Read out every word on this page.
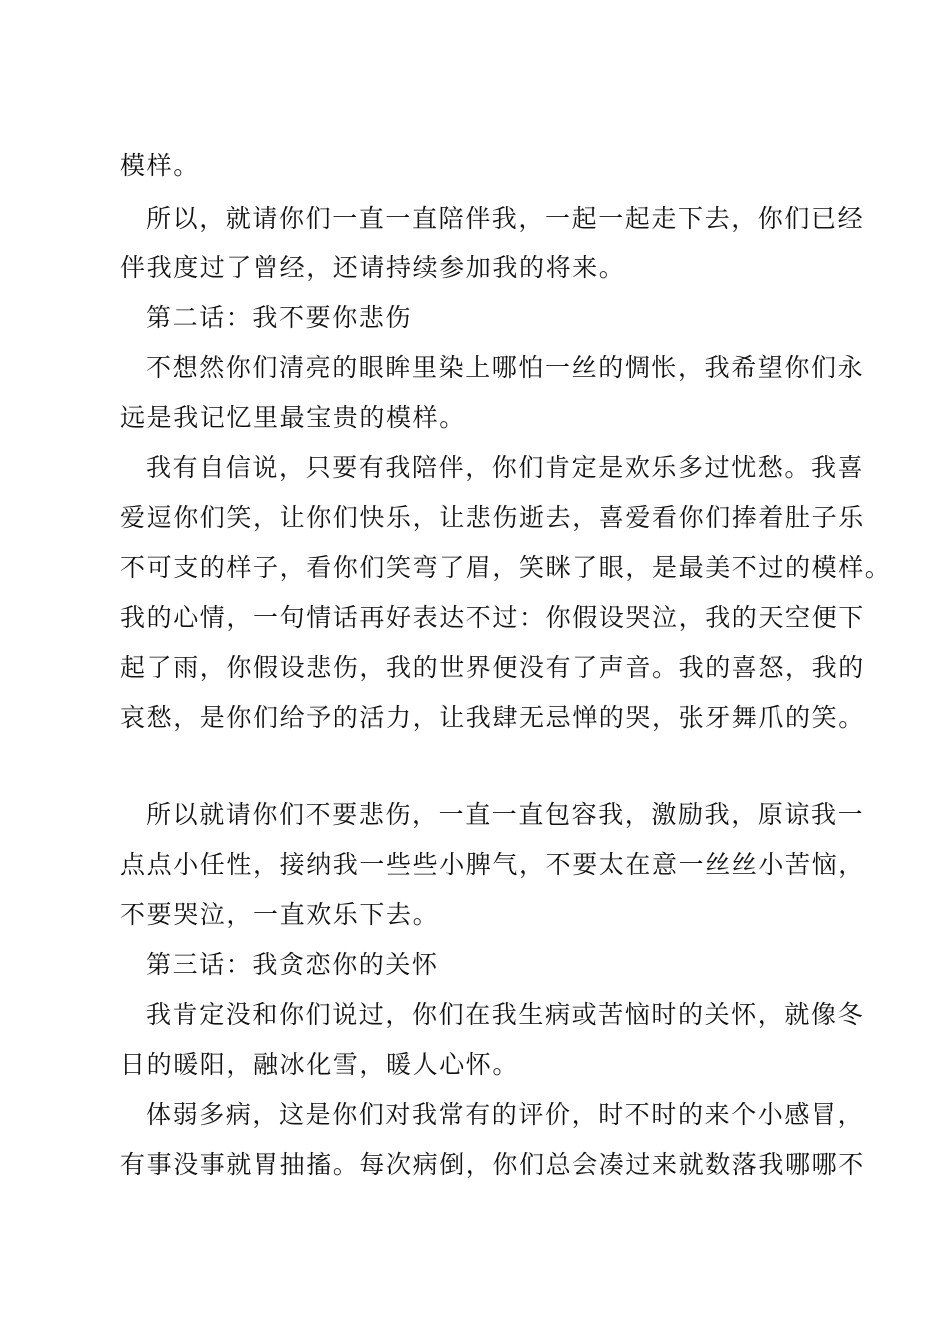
模样。
所以，就请你们一直一直陪伴我，一起一起走下去，你们已经
伴我度过了曾经，还请持续参加我的将来。
第二话：我不要你悲伤
不想然你们清亮的眼眸里染上哪怕一丝的惆怅，我希望你们永
远是我记忆里最宝贵的模样。
我有自信说，只要有我陪伴，你们肯定是欢乐多过忧愁。我喜
爱逗你们笑，让你们快乐，让悲伤逝去，喜爱看你们捧着肚子乐
不可支的样子，看你们笑弯了眉，笑眯了眼，是最美不过的模样。
我的心情，一句情话再好表达不过：你假设哭泣，我的天空便下
起了雨，你假设悲伤，我的世界便没有了声音。我的喜怒，我的
哀愁，是你们给予的活力，让我肆无忌惮的哭，张牙舞爪的笑。
所以就请你们不要悲伤，一直一直包容我，激励我，原谅我一
点点小任性，接纳我一些些小脾气，不要太在意一丝丝小苦恼，
不要哭泣，一直欢乐下去。
第三话：我贪恋你的关怀
我肯定没和你们说过，你们在我生病或苦恼时的关怀，就像冬
日的暖阳，融冰化雪，暖人心怀。
体弱多病，这是你们对我常有的评价，时不时的来个小感冒，
有事没事就胃抽搐。每次病倒，你们总会凑过来就数落我哪哪不
